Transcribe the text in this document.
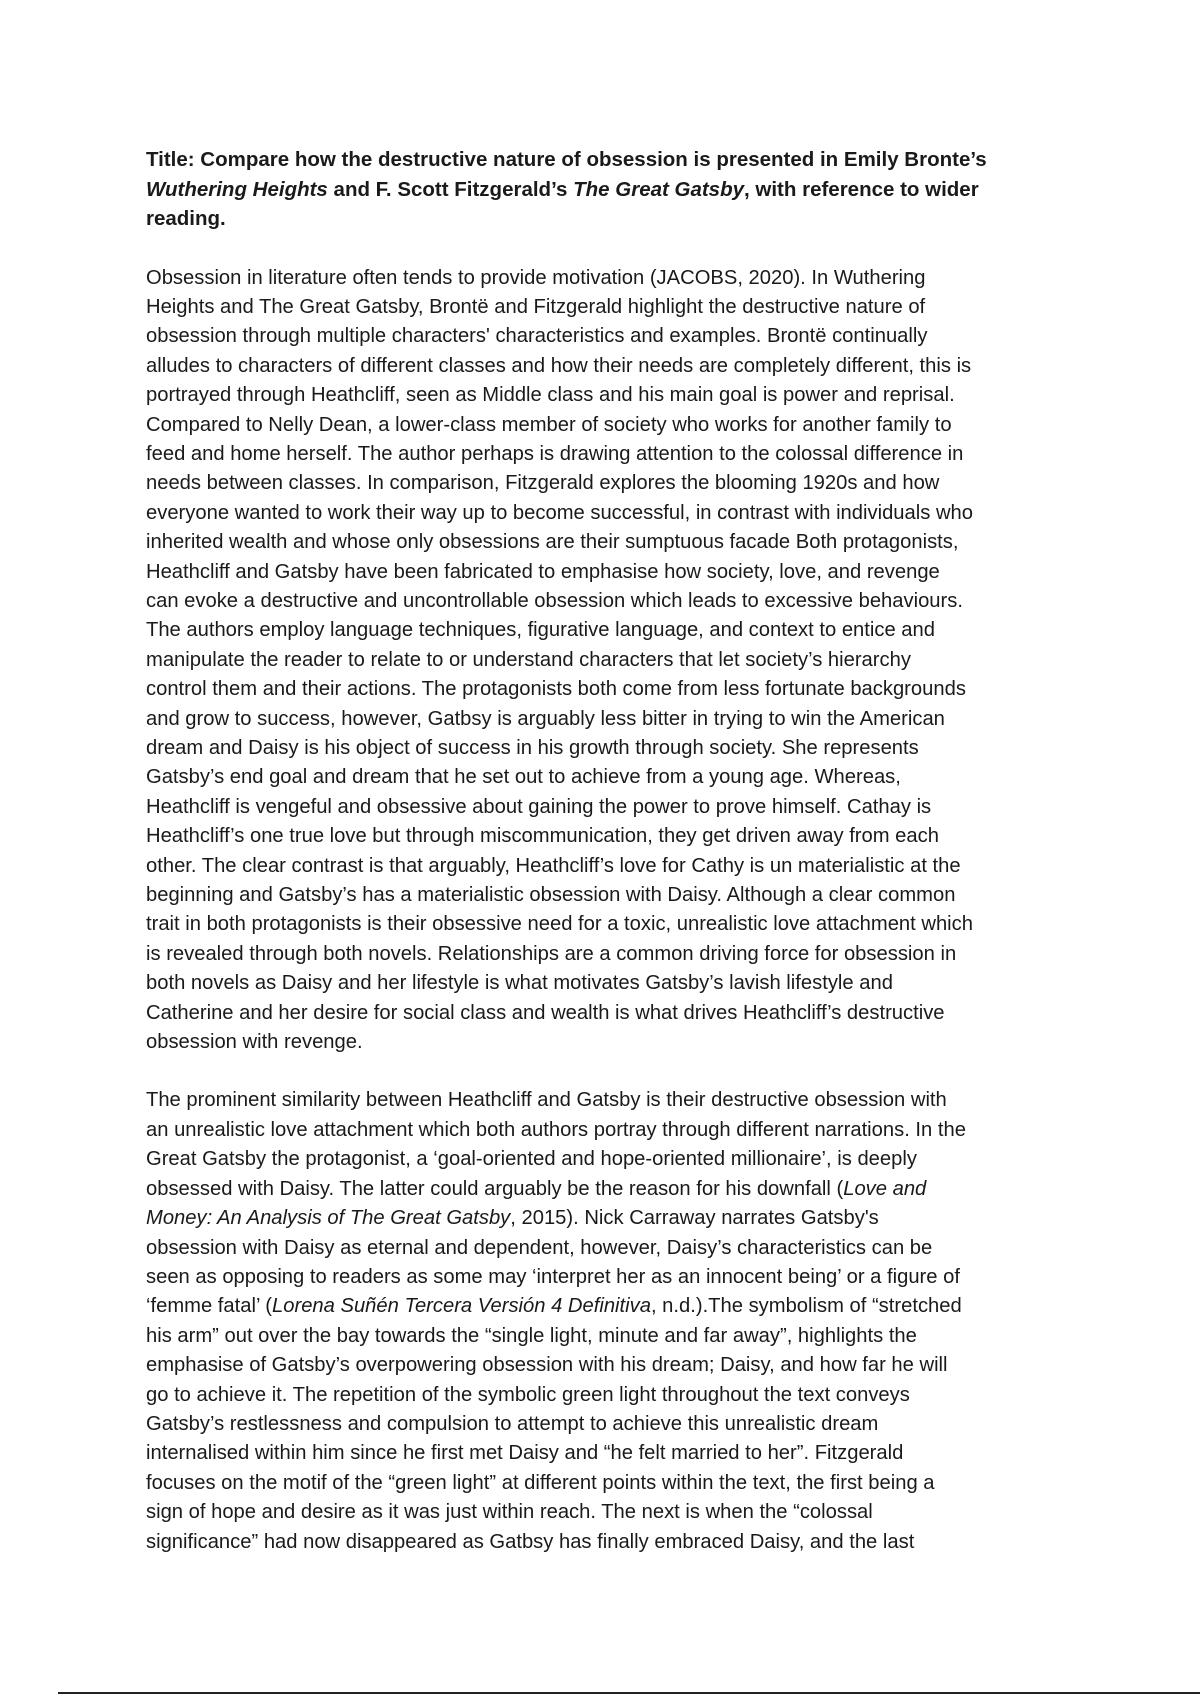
Title: Compare how the destructive nature of obsession is presented in Emily Bronte’s
Wuthering Heights and F. Scott Fitzgerald’s The Great Gatsby, with reference to wider
reading.
Obsession in literature often tends to provide motivation (JACOBS, 2020). In Wuthering
Heights and The Great Gatsby, Brontë and Fitzgerald highlight the destructive nature of
obsession through multiple characters' characteristics and examples. Brontë continually
alludes to characters of different classes and how their needs are completely different, this is
portrayed through Heathcliff, seen as Middle class and his main goal is power and reprisal.
Compared to Nelly Dean, a lower-class member of society who works for another family to
feed and home herself. The author perhaps is drawing attention to the colossal difference in
needs between classes. In comparison, Fitzgerald explores the blooming 1920s and how
everyone wanted to work their way up to become successful, in contrast with individuals who
inherited wealth and whose only obsessions are their sumptuous facade Both protagonists,
Heathcliff and Gatsby have been fabricated to emphasise how society, love, and revenge
can evoke a destructive and uncontrollable obsession which leads to excessive behaviours.
The authors employ language techniques, figurative language, and context to entice and
manipulate the reader to relate to or understand characters that let society’s hierarchy
control them and their actions. The protagonists both come from less fortunate backgrounds
and grow to success, however, Gatbsy is arguably less bitter in trying to win the American
dream and Daisy is his object of success in his growth through society. She represents
Gatsby’s end goal and dream that he set out to achieve from a young age. Whereas,
Heathcliff is vengeful and obsessive about gaining the power to prove himself. Cathay is
Heathcliff’s one true love but through miscommunication, they get driven away from each
other. The clear contrast is that arguably, Heathcliff’s love for Cathy is un materialistic at the
beginning and Gatsby’s has a materialistic obsession with Daisy. Although a clear common
trait in both protagonists is their obsessive need for a toxic, unrealistic love attachment which
is revealed through both novels. Relationships are a common driving force for obsession in
both novels as Daisy and her lifestyle is what motivates Gatsby’s lavish lifestyle and
Catherine and her desire for social class and wealth is what drives Heathcliff’s destructive
obsession with revenge.
The prominent similarity between Heathcliff and Gatsby is their destructive obsession with
an unrealistic love attachment which both authors portray through different narrations. In the
Great Gatsby the protagonist, a ‘goal-oriented and hope-oriented millionaire’, is deeply
obsessed with Daisy. The latter could arguably be the reason for his downfall (Love and
Money: An Analysis of The Great Gatsby, 2015). Nick Carraway narrates Gatsby's
obsession with Daisy as eternal and dependent, however, Daisy’s characteristics can be
seen as opposing to readers as some may ‘interpret her as an innocent being’ or a figure of
‘femme fatal’ (Lorena Suñén Tercera Versión 4 Definitiva, n.d.).The symbolism of “stretched
his arm” out over the bay towards the “single light, minute and far away”, highlights the
emphasise of Gatsby’s overpowering obsession with his dream; Daisy, and how far he will
go to achieve it. The repetition of the symbolic green light throughout the text conveys
Gatsby’s restlessness and compulsion to attempt to achieve this unrealistic dream
internalised within him since he first met Daisy and “he felt married to her”. Fitzgerald
focuses on the motif of the “green light” at different points within the text, the first being a
sign of hope and desire as it was just within reach. The next is when the “colossal
significance” had now disappeared as Gatbsy has finally embraced Daisy, and the last
